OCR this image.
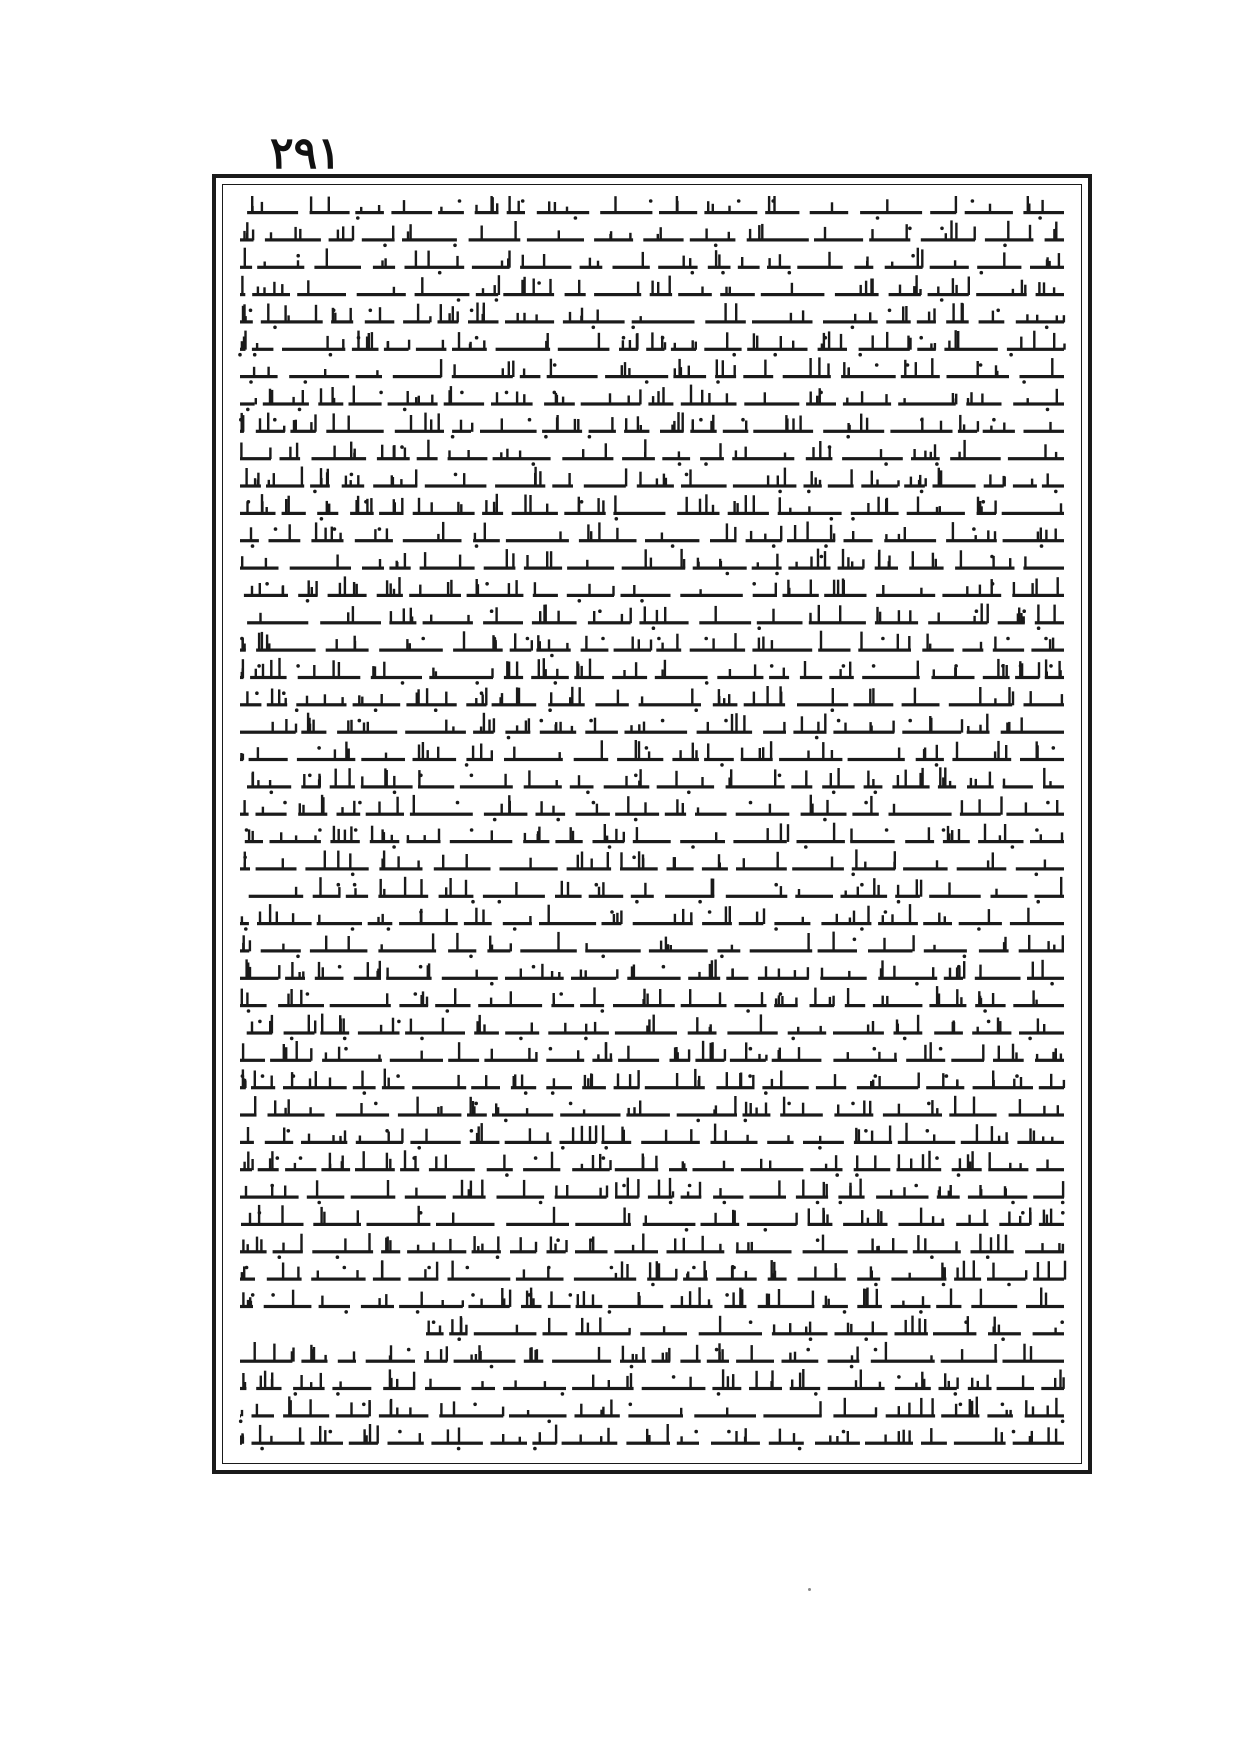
٢٩١
